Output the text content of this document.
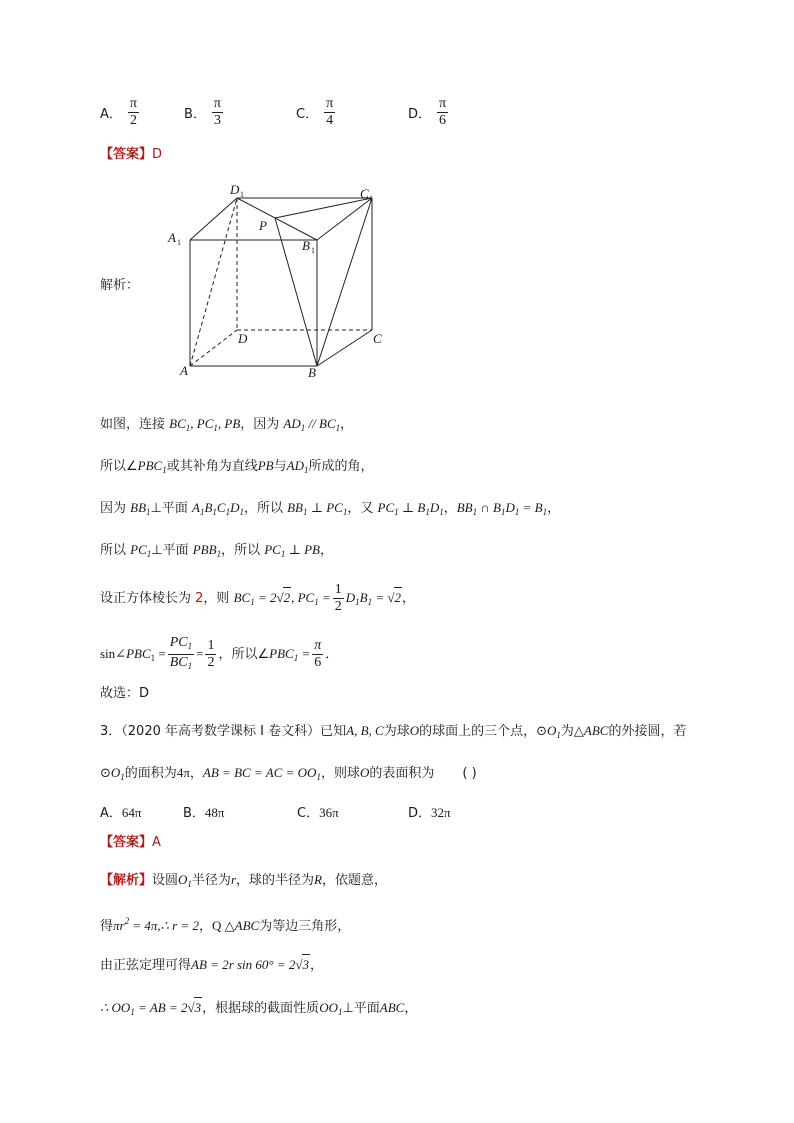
A． $\frac{\pi}{2}$	B． $\frac{\pi}{3}$	C． $\frac{\pi}{4}$	D． $\frac{\pi}{6}$
【答案】D
解析：
D 1	C 1
A 1
P
B 1
D	C
A	B
如图，连接 $BC_1$, $PC_1$, PB，因为 $AD_1 // BC_1$，
所以$\angle PBC_1$或其补角为直线PB与$AD_1$所成的角，
因为 $BB_1\perp$平面 $A_1B_1C_1D_1$，所以 $BB_1$ ⊥ $PC_1$，又 $PC_1$ ⊥ $B_1D_1$，$BB_1$ ∩ $B_1D_1 = B_1$，
所以 $PC_1\perp$平面 $PBB_1$，所以 $PC_1$ ⊥ PB，
设正方体棱长为 2，则 $BC_1 = 2√2$, $PC_1 = \frac{1}{2} D_1B_1 = √2$，
$\sin\angle PBC_1 = \frac{PC_1}{BC_1} = \frac{1}{2}$ ，所以$\angle PBC_1 = \frac{\pi}{6}$ ．
故选：D
3．（2020 年高考数学课标 I 卷文科）已知A, B, C为球O的球面上的三个点，$⊙O_1$为△ABC的外接圆，若
$⊙O_1$的面积为4π，AB = BC = AC = $OO_1$，则球O的表面积为 ( )
A．64π	B．48π	C．36π	D．32π
【答案】A
【解析】设圆$O_1$半径为r，球的半径为R，依题意，
得$\pi r^2$ = 4π,∴ r = 2，Q △ABC为等边三角形，
由正弦定理可得AB = 2r sin 60° = 2√3，
∴ $OO_1$ = AB = 2√3，根据球的截面性质$OO_1\perp$平面ABC，
